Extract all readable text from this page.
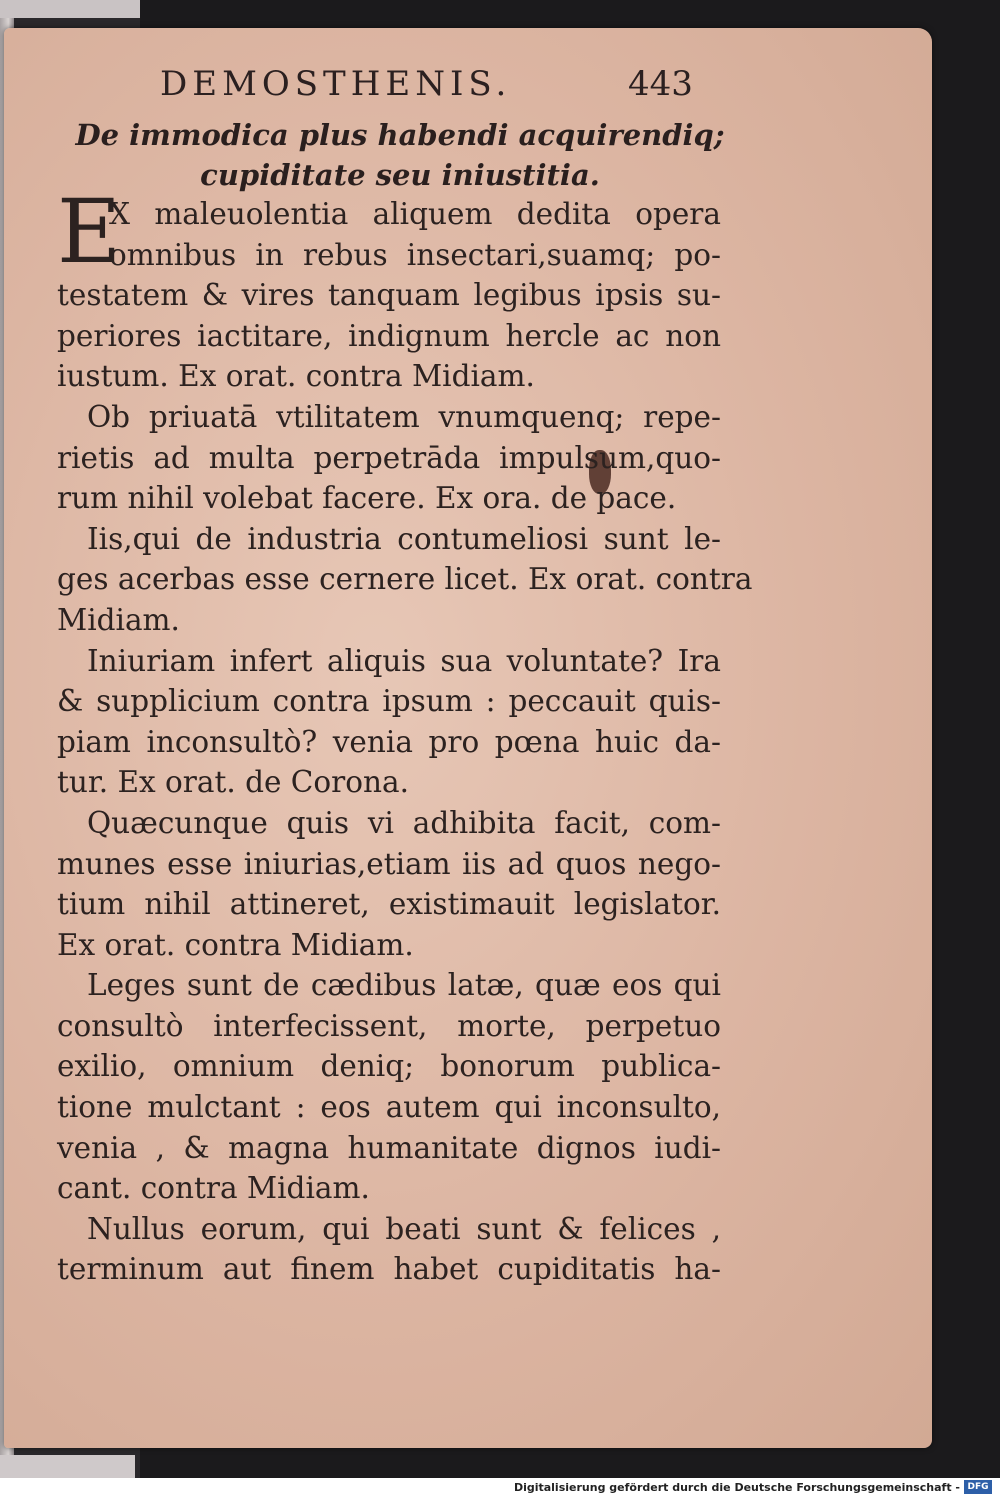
DEMOSTHENIS.	443
De immodica plus habendi acquirendiq;
cupiditate seu iniustitia.
E
X maleuolentia aliquem dedita opera
omnibus in rebus insectari,suamq; po-
testatem & vires tanquam legibus ipsis su-
periores iactitare, indignum hercle ac non
iustum. Ex orat. contra Midiam.
Ob priuatā vtilitatem vnumquenq; repe-
rietis ad multa perpetrāda impulsum,quo-
rum nihil volebat facere. Ex ora. de pace.
Iis,qui de industria contumeliosi sunt le-
ges acerbas esse cernere licet. Ex orat. contra
Midiam.
Iniuriam infert aliquis sua voluntate? Ira
& supplicium contra ipsum : peccauit quis-
piam inconsultò? venia pro pœna huic da-
tur. Ex orat. de Corona.
Quæcunque quis vi adhibita facit, com-
munes esse iniurias,etiam iis ad quos nego-
tium nihil attineret, existimauit legislator.
Ex orat. contra Midiam.
Leges sunt de cædibus latæ, quæ eos qui
consultò interfecissent, morte, perpetuo
exilio, omnium deniq; bonorum publica-
tione mulctant : eos autem qui inconsulto,
venia , & magna humanitate dignos iudi-
cant. contra Midiam.
Nullus eorum, qui beati sunt & felices ,
terminum aut finem habet cupiditatis ha-
Digitalisierung gefördert durch die Deutsche Forschungsgemeinschaft - DFG
